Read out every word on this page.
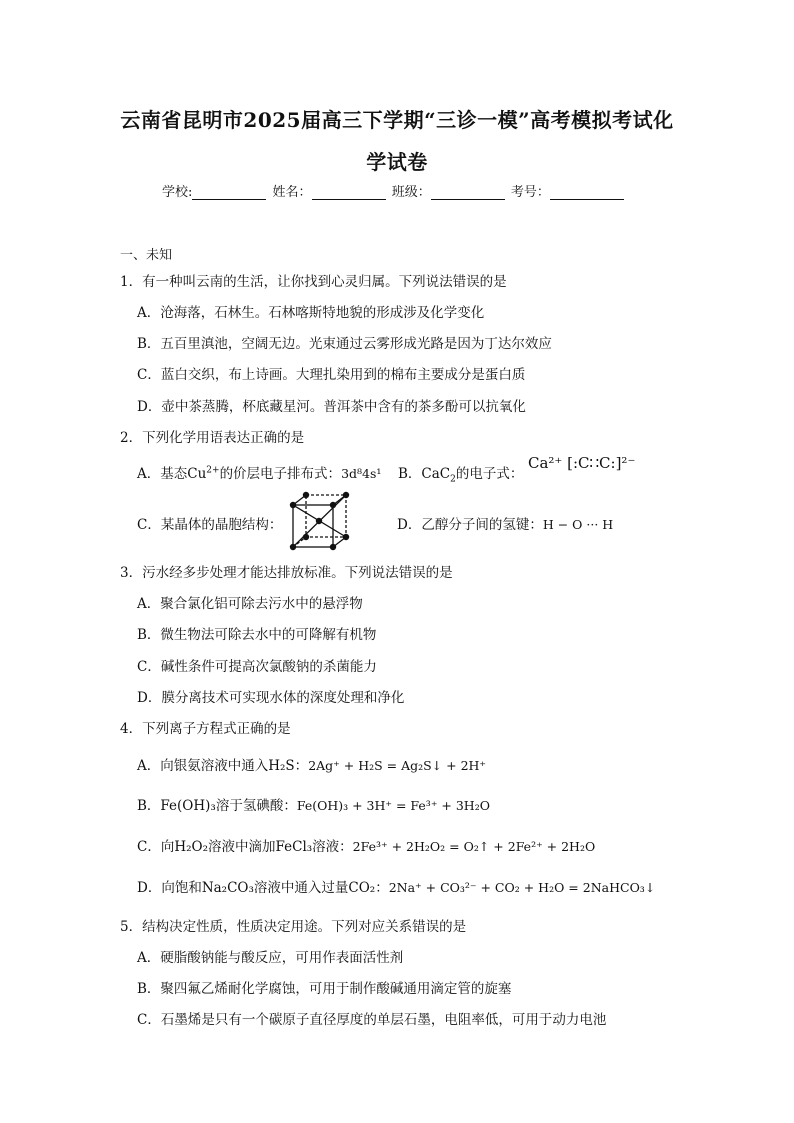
云南省昆明市2025届高三下学期“三诊一模”高考模拟考试化
学试卷
学校:	姓名：	班级：	考号：
一、未知
1．有一种叫云南的生活，让你找到心灵归属。下列说法错误的是
A．沧海落，石林生。石林喀斯特地貌的形成涉及化学变化
B．五百里滇池，空阔无边。光束通过云雾形成光路是因为丁达尔效应
C．蓝白交织，布上诗画。大理扎染用到的棉布主要成分是蛋白质
D．壶中茶蒸腾，杯底藏星河。普洱茶中含有的茶多酚可以抗氧化
2．下列化学用语表达正确的是
A．基态$Cu^{2+}$的价层电子排布式：3d⁸4s¹ B．CaC$_2$的电子式：
Ca²⁺ [:C∷C:]²⁻
C．某晶体的晶胞结构：	D．乙醇分子间的氢键：H − O ··· H
3．污水经多步处理才能达排放标准。下列说法错误的是
A．聚合氯化铝可除去污水中的悬浮物
B．微生物法可除去水中的可降解有机物
C．碱性条件可提高次氯酸钠的杀菌能力
D．膜分离技术可实现水体的深度处理和净化
4．下列离子方程式正确的是
A．向银氨溶液中通入H₂S：2Ag⁺ + H₂S = Ag₂S↓ + 2H⁺
B．Fe(OH)₃溶于氢碘酸：Fe(OH)₃ + 3H⁺ = Fe³⁺ + 3H₂O
C．向H₂O₂溶液中滴加FeCl₃溶液：2Fe³⁺ + 2H₂O₂ = O₂↑ + 2Fe²⁺ + 2H₂O
D．向饱和Na₂CO₃溶液中通入过量CO₂：2Na⁺ + CO₃²⁻ + CO₂ + H₂O = 2NaHCO₃↓
5．结构决定性质，性质决定用途。下列对应关系错误的是
A．硬脂酸钠能与酸反应，可用作表面活性剂
B．聚四氟乙烯耐化学腐蚀，可用于制作酸碱通用滴定管的旋塞
C．石墨烯是只有一个碳原子直径厚度的单层石墨，电阻率低，可用于动力电池
